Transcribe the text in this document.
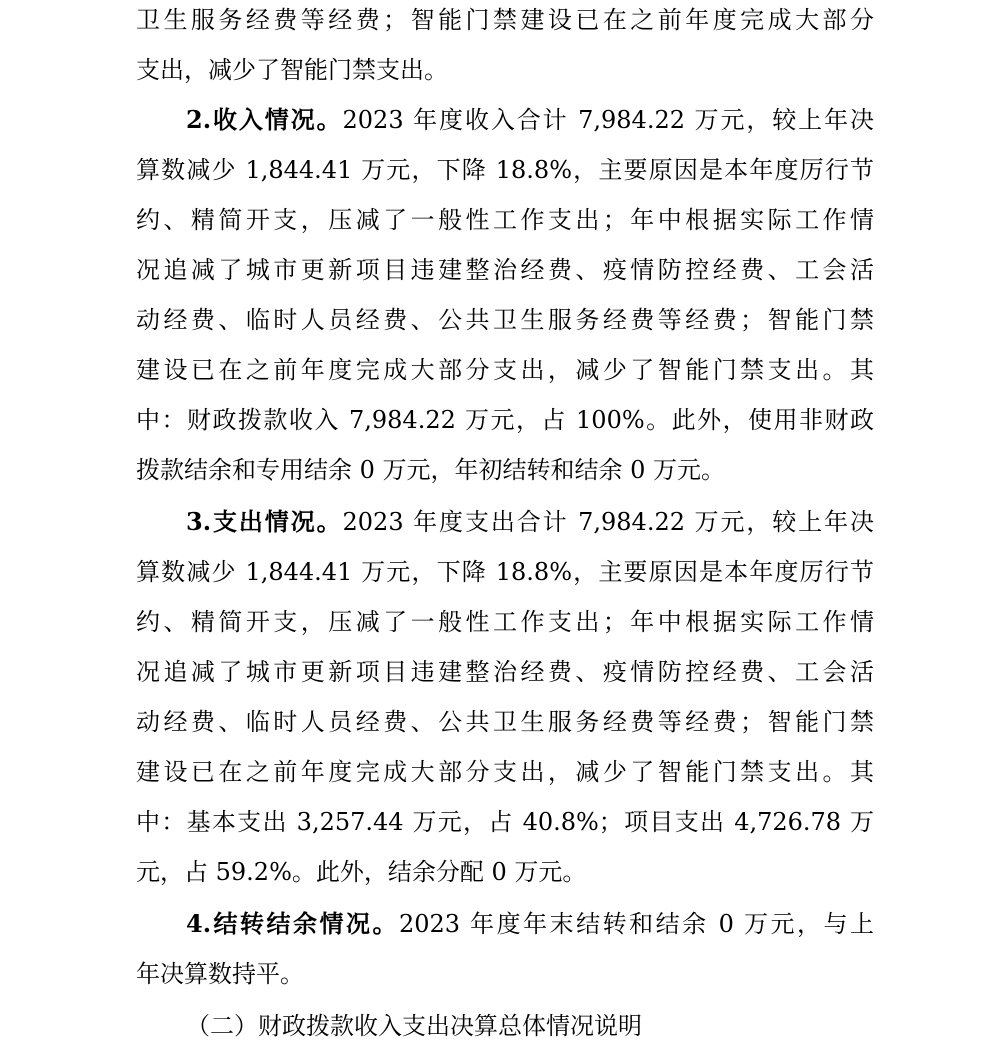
卫生服务经费等经费；智能门禁建设已在之前年度完成大部分
支出，减少了智能门禁支出。
2.收入情况。2023 年度收入合计 7,984.22 万元，较上年决
算数减少 1,844.41 万元，下降 18.8%，主要原因是本年度厉行节
约、精简开支，压减了一般性工作支出；年中根据实际工作情
况追减了城市更新项目违建整治经费、疫情防控经费、工会活
动经费、临时人员经费、公共卫生服务经费等经费；智能门禁
建设已在之前年度完成大部分支出，减少了智能门禁支出。其
中：财政拨款收入 7,984.22 万元，占 100%。此外，使用非财政
拨款结余和专用结余 0 万元，年初结转和结余 0 万元。
3.支出情况。2023 年度支出合计 7,984.22 万元，较上年决
算数减少 1,844.41 万元，下降 18.8%，主要原因是本年度厉行节
约、精简开支，压减了一般性工作支出；年中根据实际工作情
况追减了城市更新项目违建整治经费、疫情防控经费、工会活
动经费、临时人员经费、公共卫生服务经费等经费；智能门禁
建设已在之前年度完成大部分支出，减少了智能门禁支出。其
中：基本支出 3,257.44 万元，占 40.8%；项目支出 4,726.78 万
元，占 59.2%。此外，结余分配 0 万元。
4.结转结余情况。2023 年度年末结转和结余 0 万元，与上
年决算数持平。
（二）财政拨款收入支出决算总体情况说明
